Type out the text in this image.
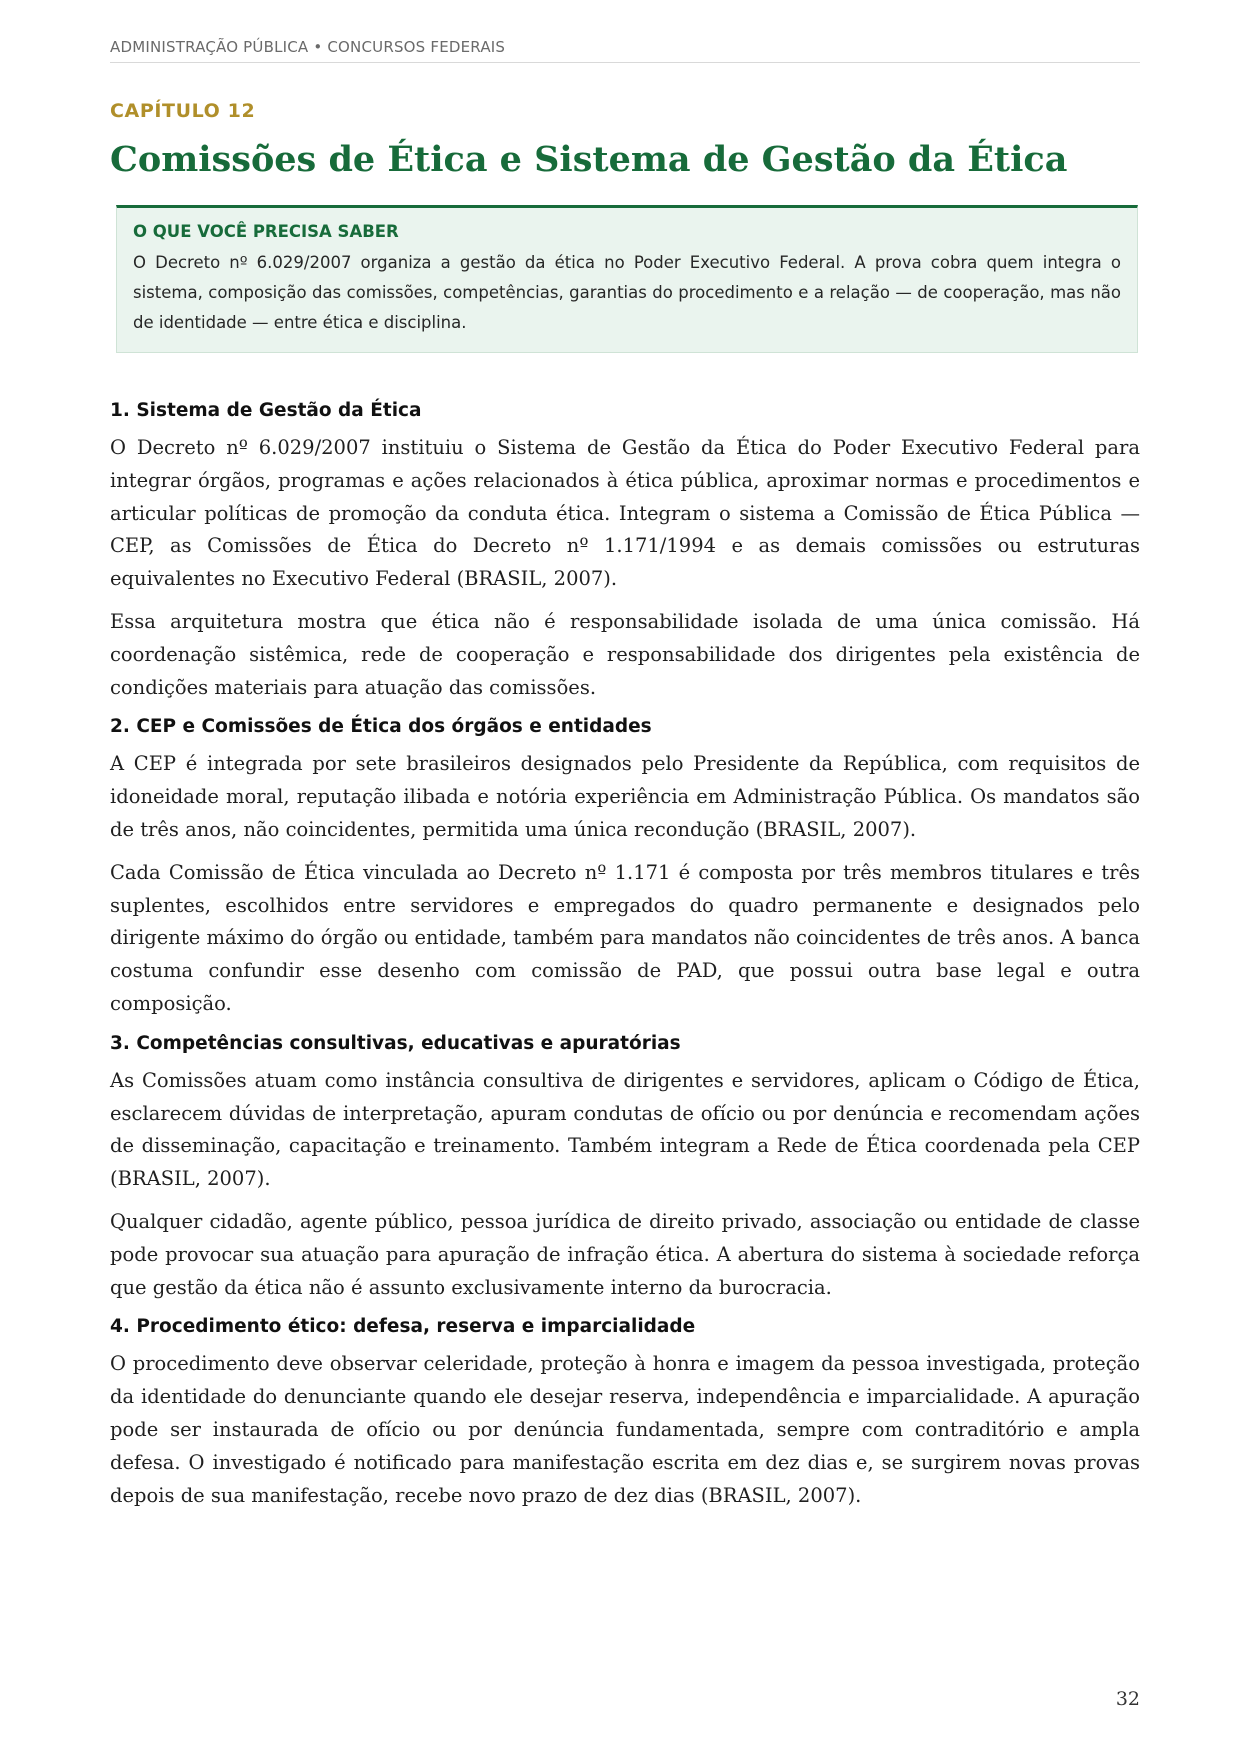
ADMINISTRAÇÃO PÚBLICA • CONCURSOS FEDERAIS
CAPÍTULO 12
Comissões de Ética e Sistema de Gestão da Ética
O QUE VOCÊ PRECISA SABER
O Decreto nº 6.029/2007 organiza a gestão da ética no Poder Executivo Federal. A prova cobra quem integra o sistema, composição das comissões, competências, garantias do procedimento e a relação — de cooperação, mas não de identidade — entre ética e disciplina.
1. Sistema de Gestão da Ética

O Decreto nº 6.029/2007 instituiu o Sistema de Gestão da Ética do Poder Executivo Federal para integrar órgãos, programas e ações relacionados à ética pública, aproximar normas e procedimentos e articular políticas de promoção da conduta ética. Integram o sistema a Comissão de Ética Pública — CEP, as Comissões de Ética do Decreto nº 1.171/1994 e as demais comissões ou estruturas equivalentes no Executivo Federal (BRASIL, 2007).

Essa arquitetura mostra que ética não é responsabilidade isolada de uma única comissão. Há coordenação sistêmica, rede de cooperação e responsabilidade dos dirigentes pela existência de condições materiais para atuação das comissões.

2. CEP e Comissões de Ética dos órgãos e entidades

A CEP é integrada por sete brasileiros designados pelo Presidente da República, com requisitos de idoneidade moral, reputação ilibada e notória experiência em Administração Pública. Os mandatos são de três anos, não coincidentes, permitida uma única recondução (BRASIL, 2007).

Cada Comissão de Ética vinculada ao Decreto nº 1.171 é composta por três membros titulares e três suplentes, escolhidos entre servidores e empregados do quadro permanente e designados pelo dirigente máximo do órgão ou entidade, também para mandatos não coincidentes de três anos. A banca costuma confundir esse desenho com comissão de PAD, que possui outra base legal e outra composição.

3. Competências consultivas, educativas e apuratórias

As Comissões atuam como instância consultiva de dirigentes e servidores, aplicam o Código de Ética, esclarecem dúvidas de interpretação, apuram condutas de ofício ou por denúncia e recomendam ações de disseminação, capacitação e treinamento. Também integram a Rede de Ética coordenada pela CEP (BRASIL, 2007).

Qualquer cidadão, agente público, pessoa jurídica de direito privado, associação ou entidade de classe pode provocar sua atuação para apuração de infração ética. A abertura do sistema à sociedade reforça que gestão da ética não é assunto exclusivamente interno da burocracia.

4. Procedimento ético: defesa, reserva e imparcialidade

O procedimento deve observar celeridade, proteção à honra e imagem da pessoa investigada, proteção da identidade do denunciante quando ele desejar reserva, independência e imparcialidade. A apuração pode ser instaurada de ofício ou por denúncia fundamentada, sempre com contraditório e ampla defesa. O investigado é notificado para manifestação escrita em dez dias e, se surgirem novas provas depois de sua manifestação, recebe novo prazo de dez dias (BRASIL, 2007).

32
